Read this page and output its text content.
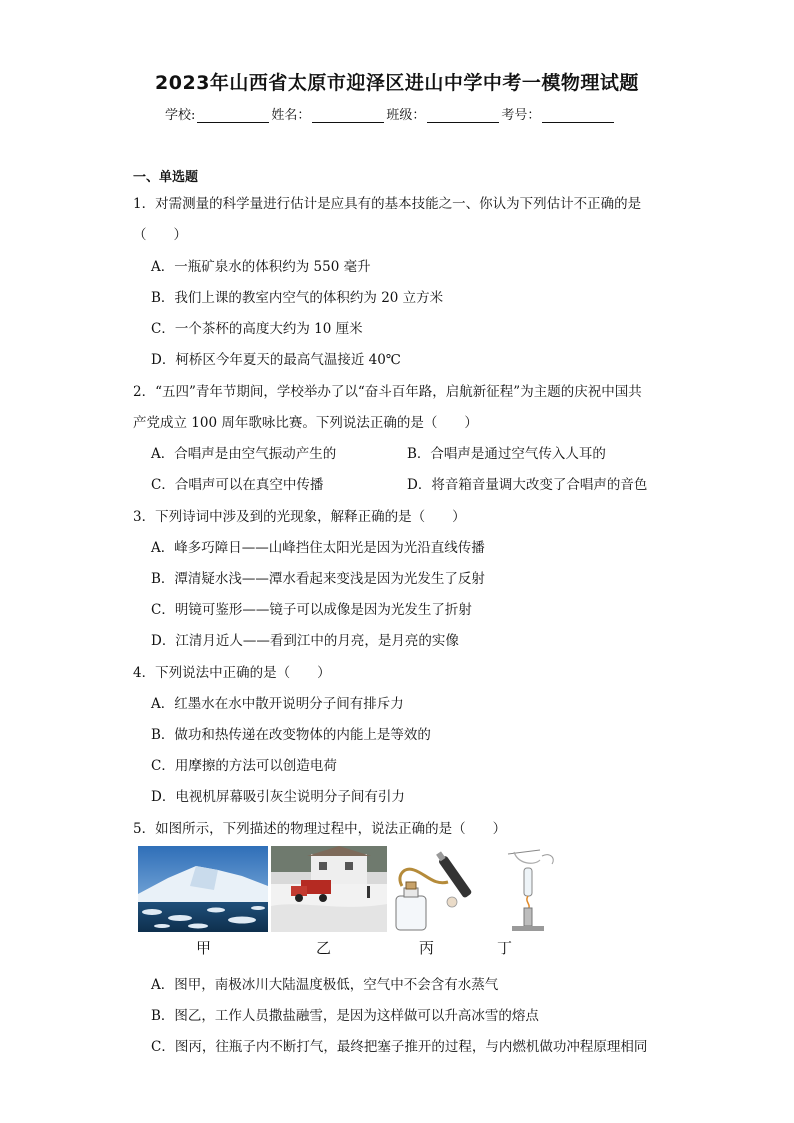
2023年山西省太原市迎泽区进山中学中考一模物理试题
学校:	姓名：	班级：	考号：
一、单选题
1．对需测量的科学量进行估计是应具有的基本技能之一、你认为下列估计不正确的是
（　　）
A．一瓶矿泉水的体积约为 550 毫升
B．我们上课的教室内空气的体积约为 20 立方米
C．一个茶杯的高度大约为 10 厘米
D．柯桥区今年夏天的最高气温接近 40℃
2．“五四”青年节期间，学校举办了以“奋斗百年路，启航新征程”为主题的庆祝中国共
产党成立 100 周年歌咏比赛。下列说法正确的是（　　）
A．合唱声是由空气振动产生的	B．合唱声是通过空气传入人耳的
C．合唱声可以在真空中传播	D．将音箱音量调大改变了合唱声的音色
3．下列诗词中涉及到的光现象，解释正确的是（　　）
A．峰多巧障日——山峰挡住太阳光是因为光沿直线传播
B．潭清疑水浅——潭水看起来变浅是因为光发生了反射
C．明镜可鉴形——镜子可以成像是因为光发生了折射
D．江清月近人——看到江中的月亮，是月亮的实像
4．下列说法中正确的是（　　）
A．红墨水在水中散开说明分子间有排斥力
B．做功和热传递在改变物体的内能上是等效的
C．用摩擦的方法可以创造电荷
D．电视机屏幕吸引灰尘说明分子间有引力
5．如图所示，下列描述的物理过程中，说法正确的是（　　）
甲	乙	丙	丁
A．图甲，南极冰川大陆温度极低，空气中不会含有水蒸气
B．图乙，工作人员撒盐融雪，是因为这样做可以升高冰雪的熔点
C．图丙，往瓶子内不断打气，最终把塞子推开的过程，与内燃机做功冲程原理相同
